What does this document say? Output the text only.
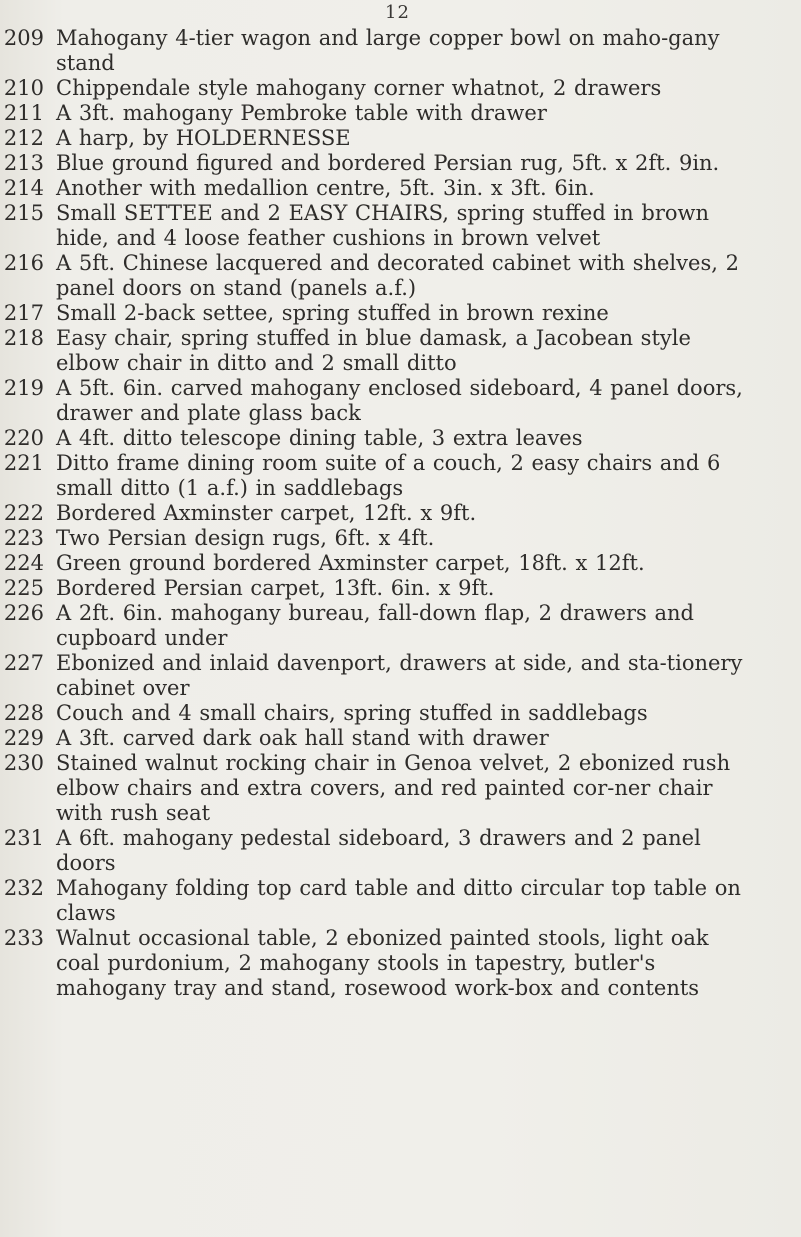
12
209 Mahogany 4-tier wagon and large copper bowl on maho-gany stand
210 Chippendale style mahogany corner whatnot, 2 drawers
211 A 3ft. mahogany Pembroke table with drawer
212 A harp, by HOLDERNESSE
213 Blue ground figured and bordered Persian rug, 5ft. x 2ft. 9in.
214 Another with medallion centre, 5ft. 3in. x 3ft. 6in.
215 Small SETTEE and 2 EASY CHAIRS, spring stuffed in brown hide, and 4 loose feather cushions in brown velvet
216 A 5ft. Chinese lacquered and decorated cabinet with shelves, 2 panel doors on stand (panels a.f.)
217 Small 2-back settee, spring stuffed in brown rexine
218 Easy chair, spring stuffed in blue damask, a Jacobean style elbow chair in ditto and 2 small ditto
219 A 5ft. 6in. carved mahogany enclosed sideboard, 4 panel doors, drawer and plate glass back
220 A 4ft. ditto telescope dining table, 3 extra leaves
221 Ditto frame dining room suite of a couch, 2 easy chairs and 6 small ditto (1 a.f.) in saddlebags
222 Bordered Axminster carpet, 12ft. x 9ft.
223 Two Persian design rugs, 6ft. x 4ft.
224 Green ground bordered Axminster carpet, 18ft. x 12ft.
225 Bordered Persian carpet, 13ft. 6in. x 9ft.
226 A 2ft. 6in. mahogany bureau, fall-down flap, 2 drawers and cupboard under
227 Ebonized and inlaid davenport, drawers at side, and sta-tionery cabinet over
228 Couch and 4 small chairs, spring stuffed in saddlebags
229 A 3ft. carved dark oak hall stand with drawer
230 Stained walnut rocking chair in Genoa velvet, 2 ebonized rush elbow chairs and extra covers, and red painted cor-ner chair with rush seat
231 A 6ft. mahogany pedestal sideboard, 3 drawers and 2 panel doors
232 Mahogany folding top card table and ditto circular top table on claws
233 Walnut occasional table, 2 ebonized painted stools, light oak coal purdonium, 2 mahogany stools in tapestry, butler's mahogany tray and stand, rosewood work-box and contents
